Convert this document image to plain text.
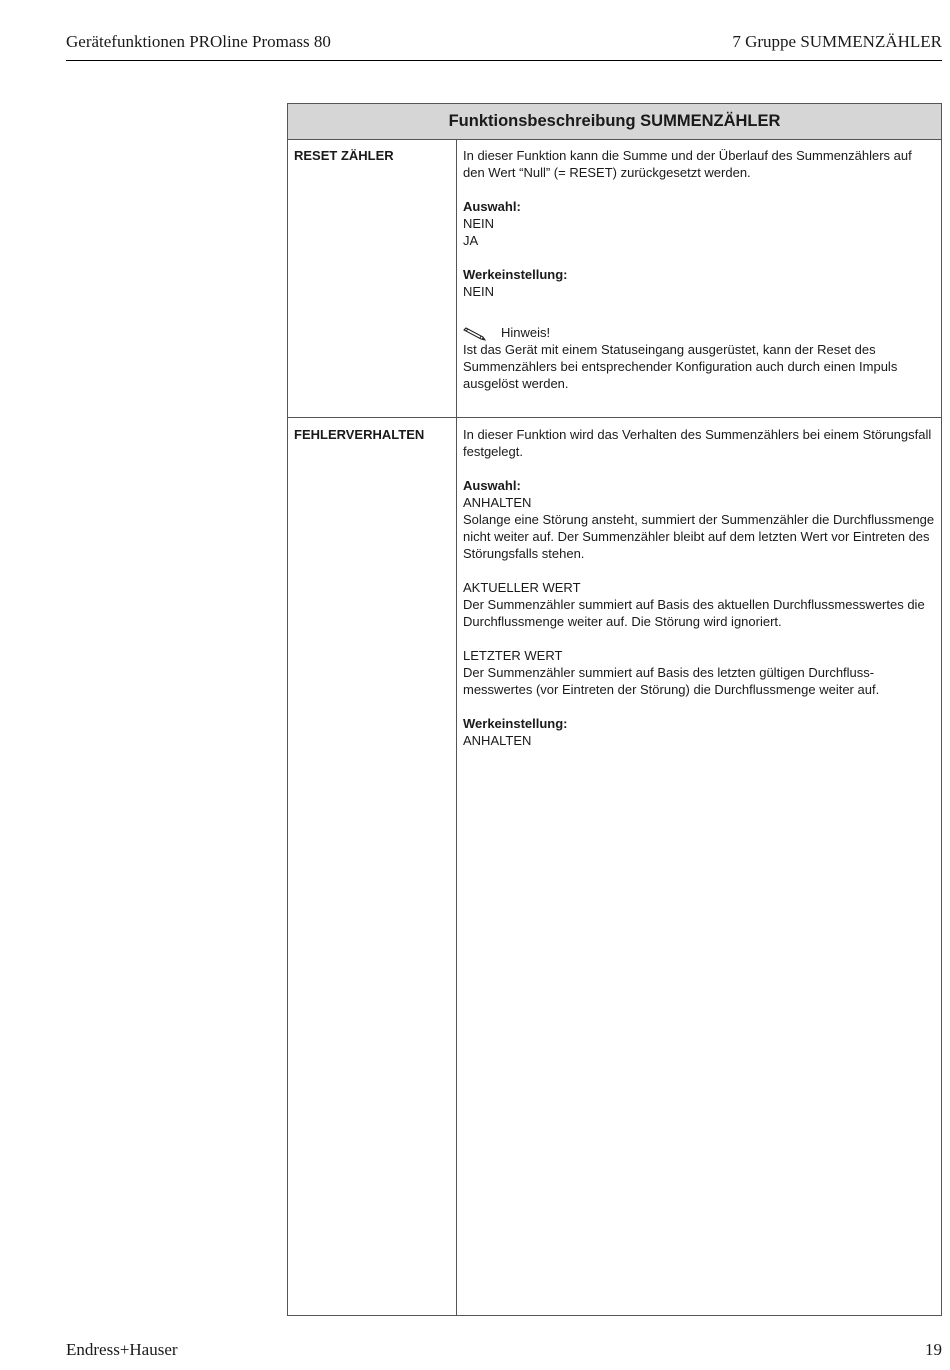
Gerätefunktionen PROline Promass 80	7 Gruppe SUMMENZÄHLER
Funktionsbeschreibung SUMMENZÄHLER
RESET ZÄHLER	In dieser Funktion kann die Summe und der Überlauf des Summenzählers auf den Wert “Null” (= RESET) zurückgesetzt werden.

Auswahl:

NEIN

JA

Werkeinstellung:

NEIN

Hinweis!

Ist das Gerät mit einem Statuseingang ausgerüstet, kann der Reset des Summenzählers bei entsprechender Konfiguration auch durch einen Impuls ausgelöst werden.

FEHLERVERHALTEN	In dieser Funktion wird das Verhalten des Summenzählers bei einem Störungsfall festgelegt.

Auswahl:

ANHALTEN

Solange eine Störung ansteht, summiert der Summenzähler die Durchflussmenge nicht weiter auf. Der Summenzähler bleibt auf dem letzten Wert vor Eintreten des Störungsfalls stehen.

AKTUELLER WERT

Der Summenzähler summiert auf Basis des aktuellen Durchflussmesswertes die Durchflussmenge weiter auf. Die Störung wird ignoriert.

LETZTER WERT

Der Summenzähler summiert auf Basis des letzten gültigen Durchflussmesswertes (vor Eintreten der Störung) die Durchflussmenge weiter auf.

Werkeinstellung:

ANHALTEN

Endress+Hauser	19
